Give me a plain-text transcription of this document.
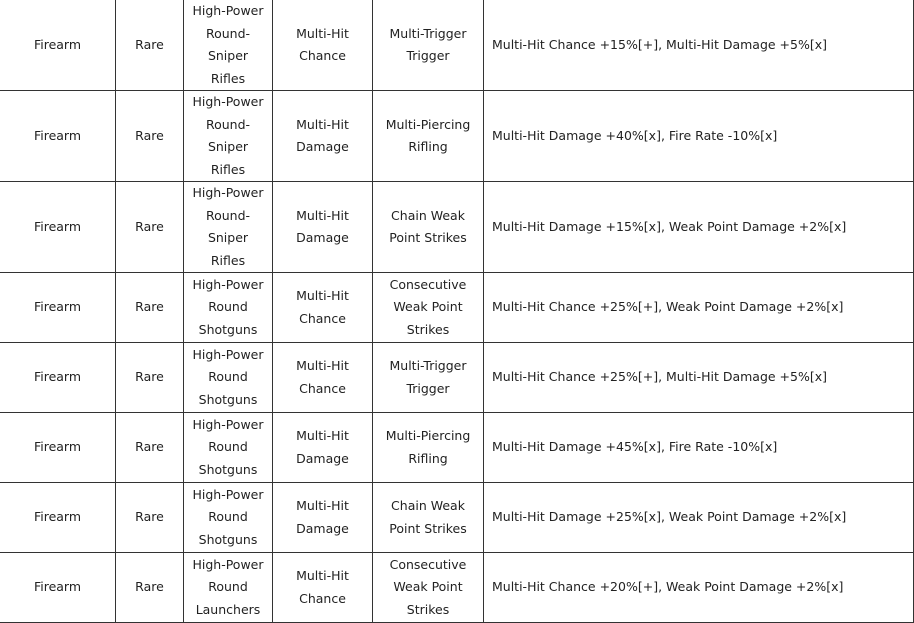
Firearm	Rare	High-Power Round- Sniper Rifles	Multi-Hit Chance	Multi-Trigger Trigger	Multi-Hit Chance +15%[+], Multi-Hit Damage +5%[x]
Firearm	Rare	High-Power Round- Sniper Rifles	Multi-Hit Damage	Multi-Piercing Rifling	Multi-Hit Damage +40%[x], Fire Rate -10%[x]
Firearm	Rare	High-Power Round- Sniper Rifles	Multi-Hit Damage	Chain Weak Point Strikes	Multi-Hit Damage +15%[x], Weak Point Damage +2%[x]
Firearm	Rare	High-Power Round Shotguns	Multi-Hit Chance	Consecutive Weak Point Strikes	Multi-Hit Chance +25%[+], Weak Point Damage +2%[x]
Firearm	Rare	High-Power Round Shotguns	Multi-Hit Chance	Multi-Trigger Trigger	Multi-Hit Chance +25%[+], Multi-Hit Damage +5%[x]
Firearm	Rare	High-Power Round Shotguns	Multi-Hit Damage	Multi-Piercing Rifling	Multi-Hit Damage +45%[x], Fire Rate -10%[x]
Firearm	Rare	High-Power Round Shotguns	Multi-Hit Damage	Chain Weak Point Strikes	Multi-Hit Damage +25%[x], Weak Point Damage +2%[x]
Firearm	Rare	High-Power Round Launchers	Multi-Hit Chance	Consecutive Weak Point Strikes	Multi-Hit Chance +20%[+], Weak Point Damage +2%[x]
